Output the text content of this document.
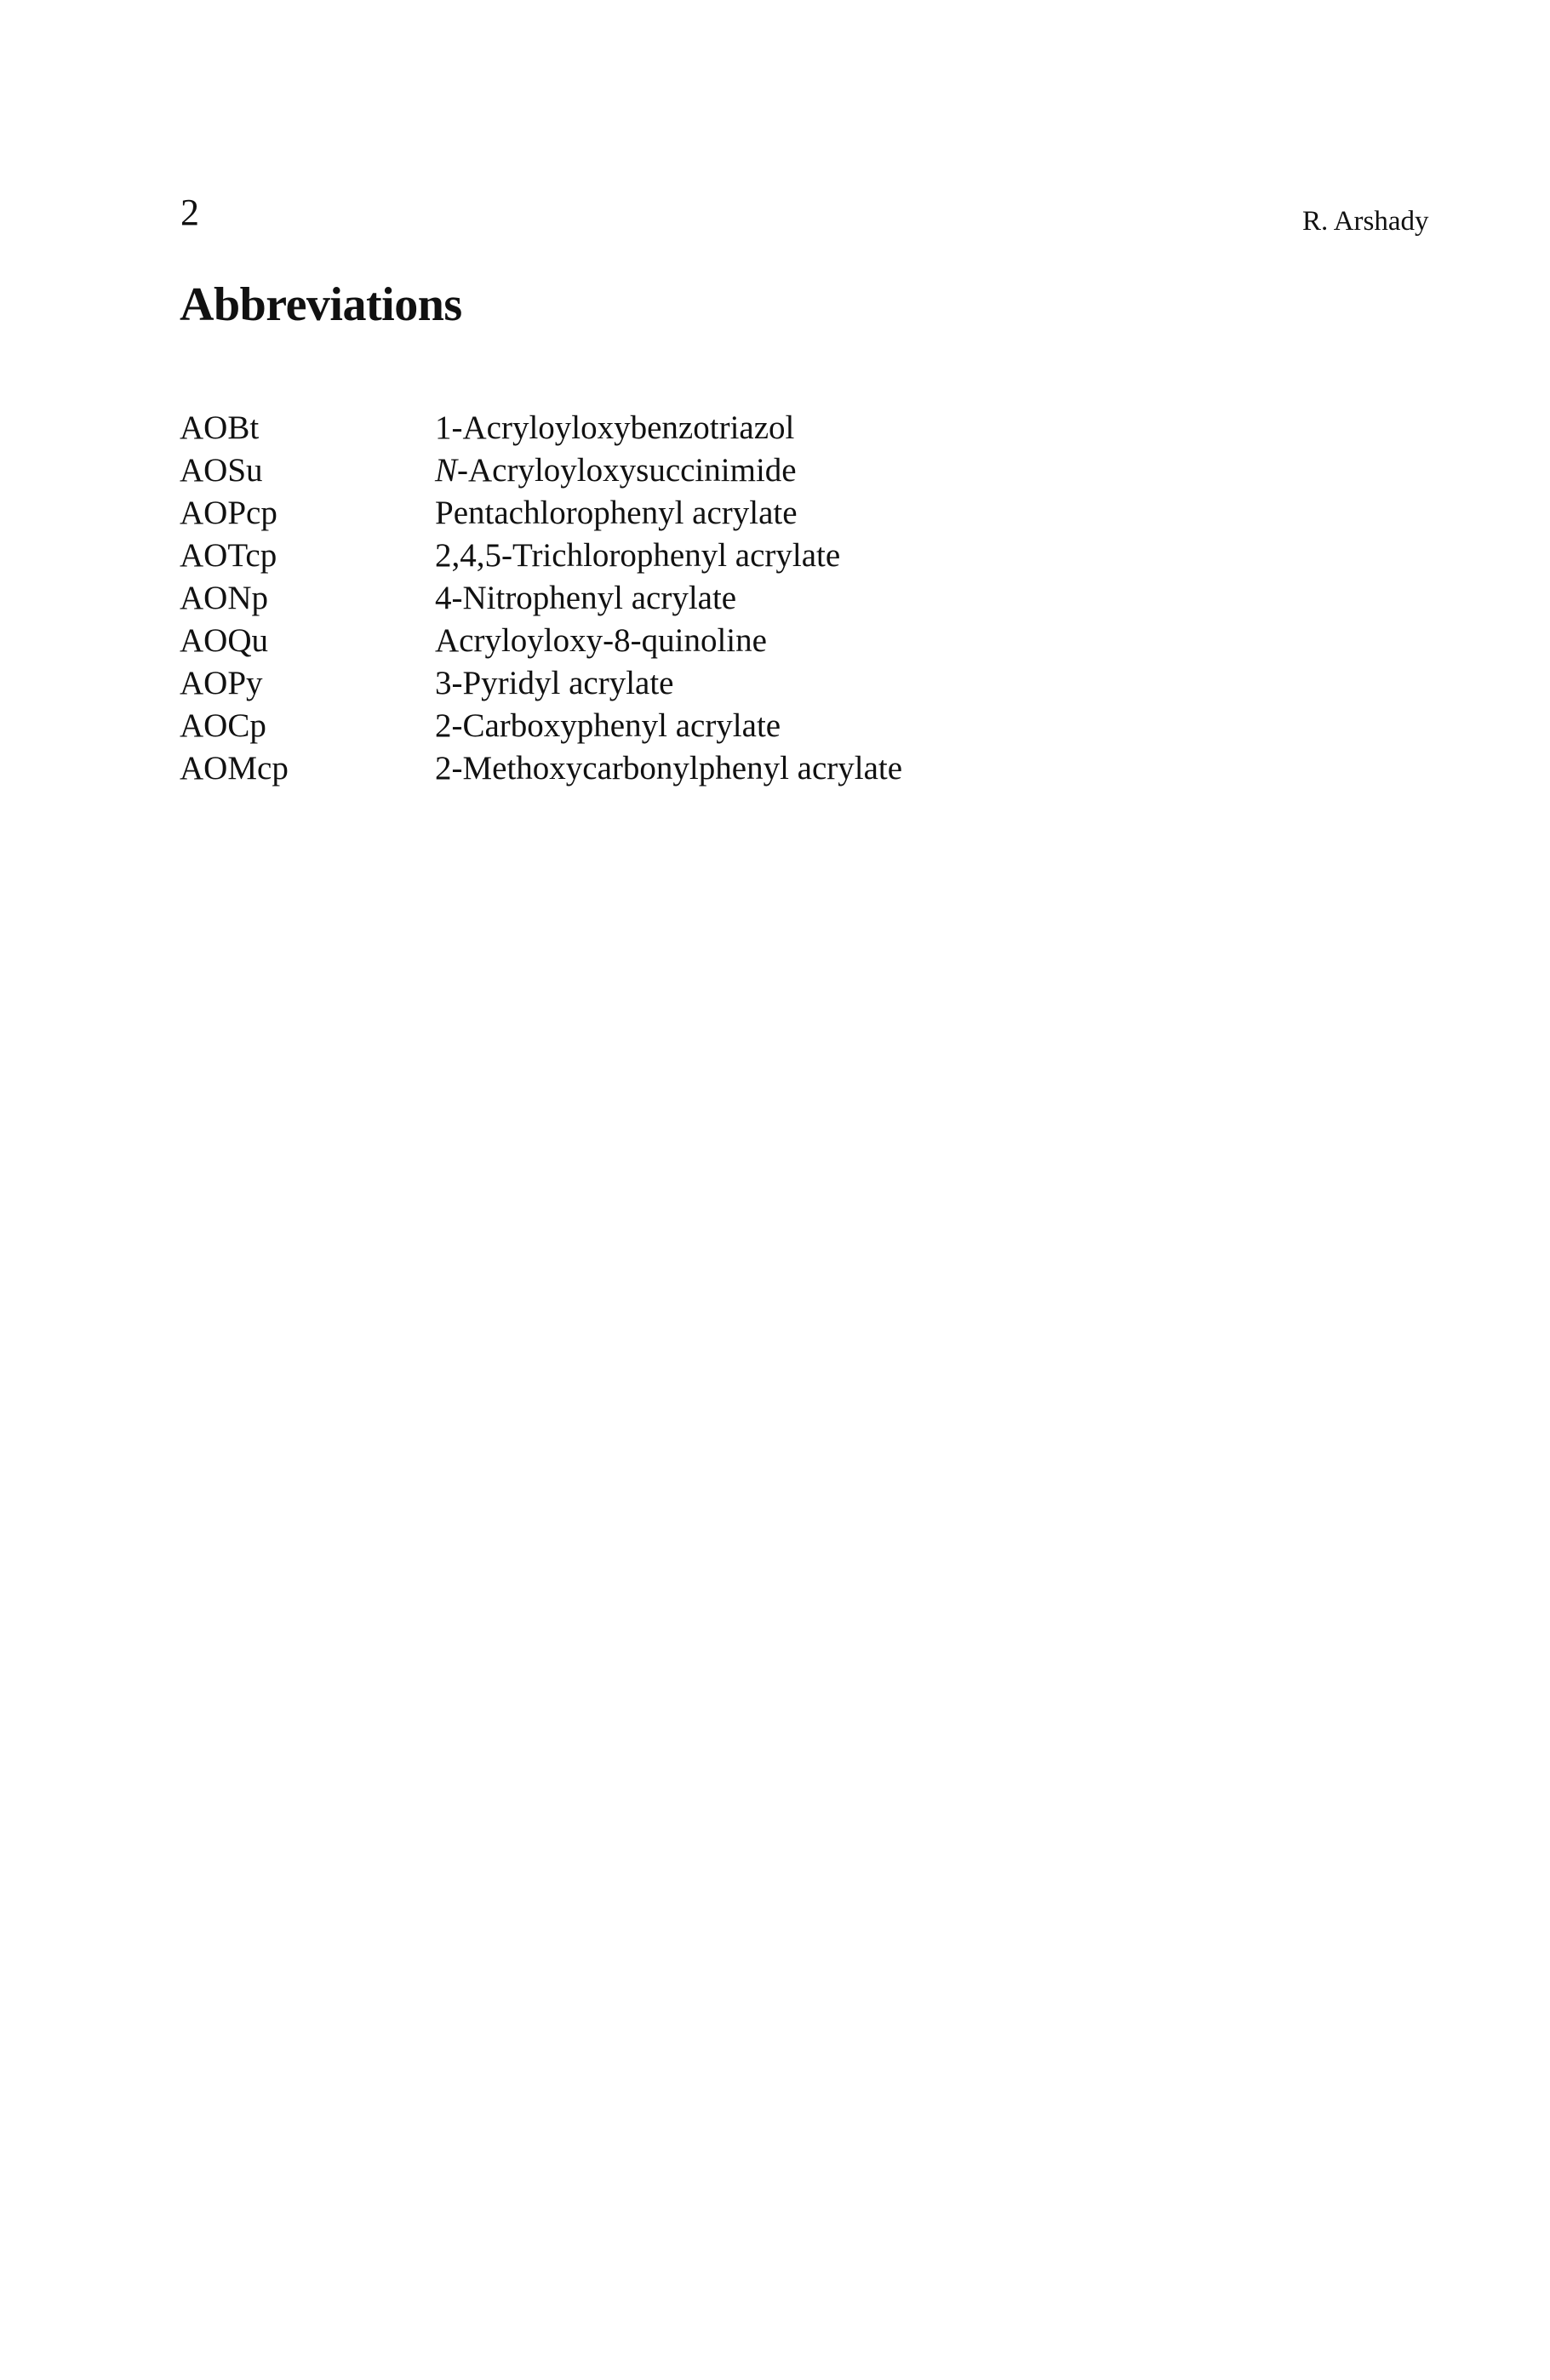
2	R. Arshady
Abbreviations
AOBt	1-Acryloyloxybenzotriazol
AOSu	N-Acryloyloxysuccinimide
AOPcp	Pentachlorophenyl acrylate
AOTcp	2,4,5-Trichlorophenyl acrylate
AONp	4-Nitrophenyl acrylate
AOQu	Acryloyloxy-8-quinoline
AOPy	3-Pyridyl acrylate
AOCp	2-Carboxyphenyl acrylate
AOMcp	2-Methoxycarbonylphenyl acrylate
